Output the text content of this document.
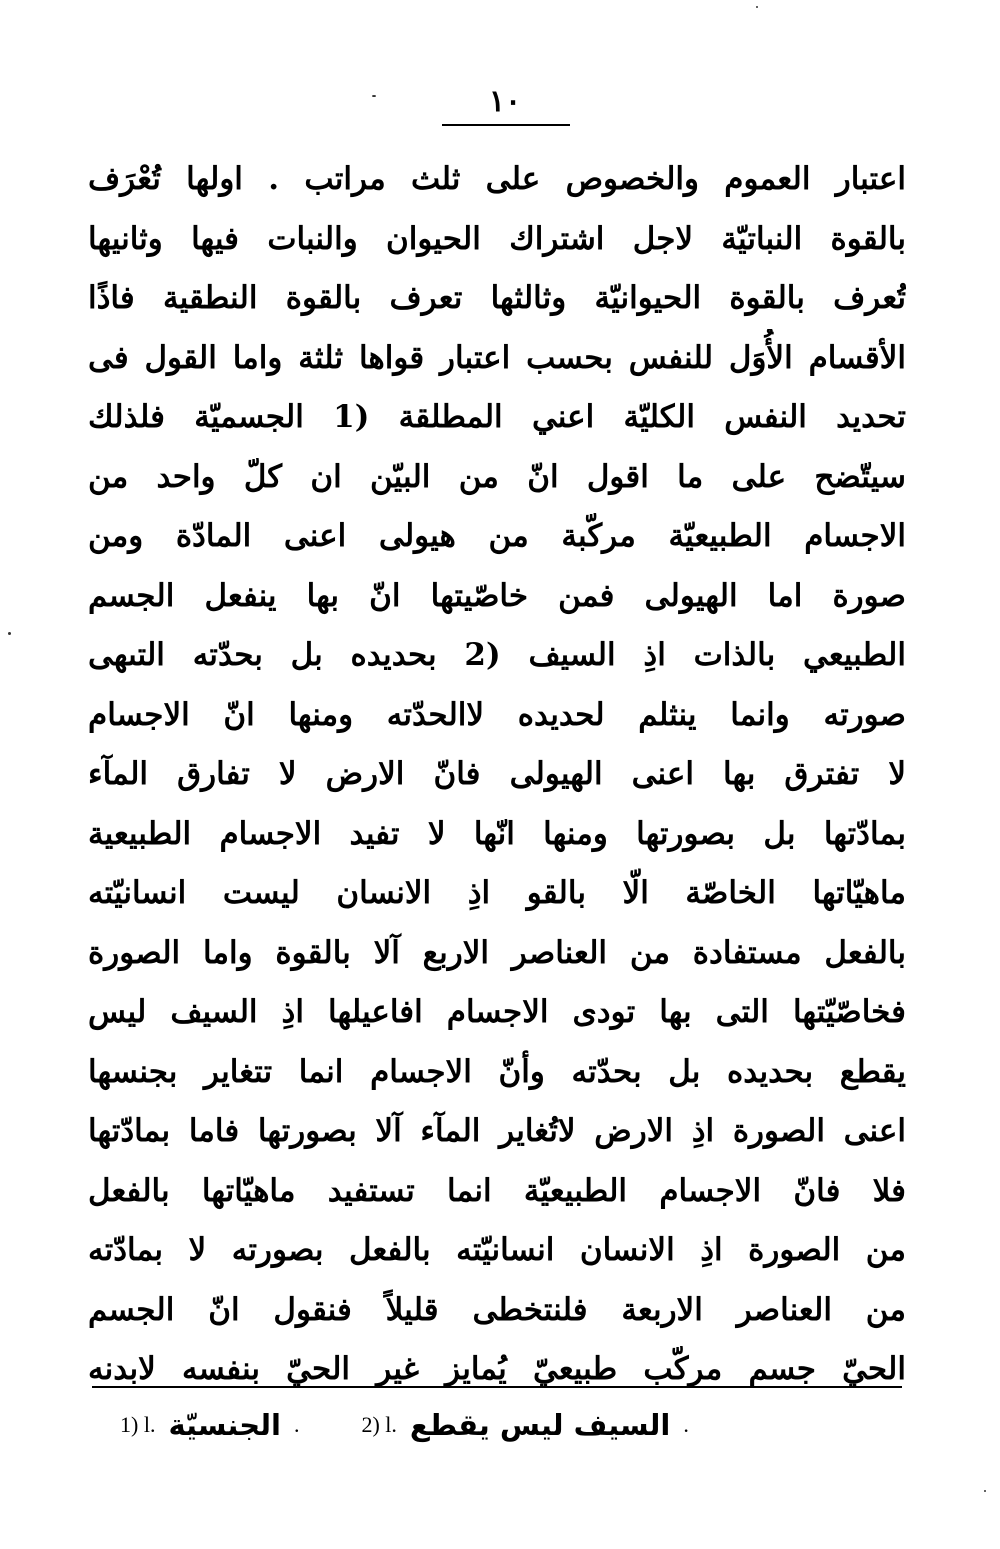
١٠
اعتبار العموم والخصوص على ثلث مراتب . اولها تُعْرَف
بالقوة النباتيّة لاجل اشتراك الحيوان والنبات فيها وثانيها
تُعرف بالقوة الحيوانيّة وثالثها تعرف بالقوة النطقية فاذًا
الأقسام الأُوَل للنفس بحسب اعتبار قواها ثلثة واما القول فى
تحديد النفس الكليّة اعني المطلقة (1 الجسميّة فلذلك
سيتّضح على ما اقول انّ من البيّن ان كلّ واحد من
الاجسام الطبيعيّة مركّبة من هيولى اعنى المادّة ومن
صورة اما الهيولى فمن خاصّيتها انّ بها ينفعل الجسم
الطبيعي بالذات اذِ السيف (2 بحديده بل بحدّته التىهى
صورته وانما ينثلم لحديده لاالحدّته ومنها انّ الاجسام
لا تفترق بها اعنى الهيولى فانّ الارض لا تفارق المآء
بمادّتها بل بصورتها ومنها انّها لا تفيد الاجسام الطبيعية
ماهيّاتها الخاصّة الّا بالقو اذِ الانسان ليست انسانيّته
بالفعل مستفادة من العناصر الاربع آلا بالقوة واما الصورة
فخاصّيّتها التى بها تودى الاجسام افاعيلها اذِ السيف ليس
يقطع بحديده بل بحدّته وأنّ الاجسام انما تتغاير بجنسها
اعنى الصورة اذِ الارض لاتُغاير المآء آلا بصورتها فاما بمادّتها
فلا فانّ الاجسام الطبيعيّة انما تستفيد ماهيّاتها بالفعل
من الصورة اذِ الانسان انسانيّته بالفعل بصورته لا بمادّته
من العناصر الاربعة فلنتخطى قليلاً فنقول انّ الجسم
الحيّ جسم مركّب طبيعيّ يُمايز غير الحيّ بنفسه لابدنه
1) l. الجنسيّة .	2) l. السيف ليس يقطع .
